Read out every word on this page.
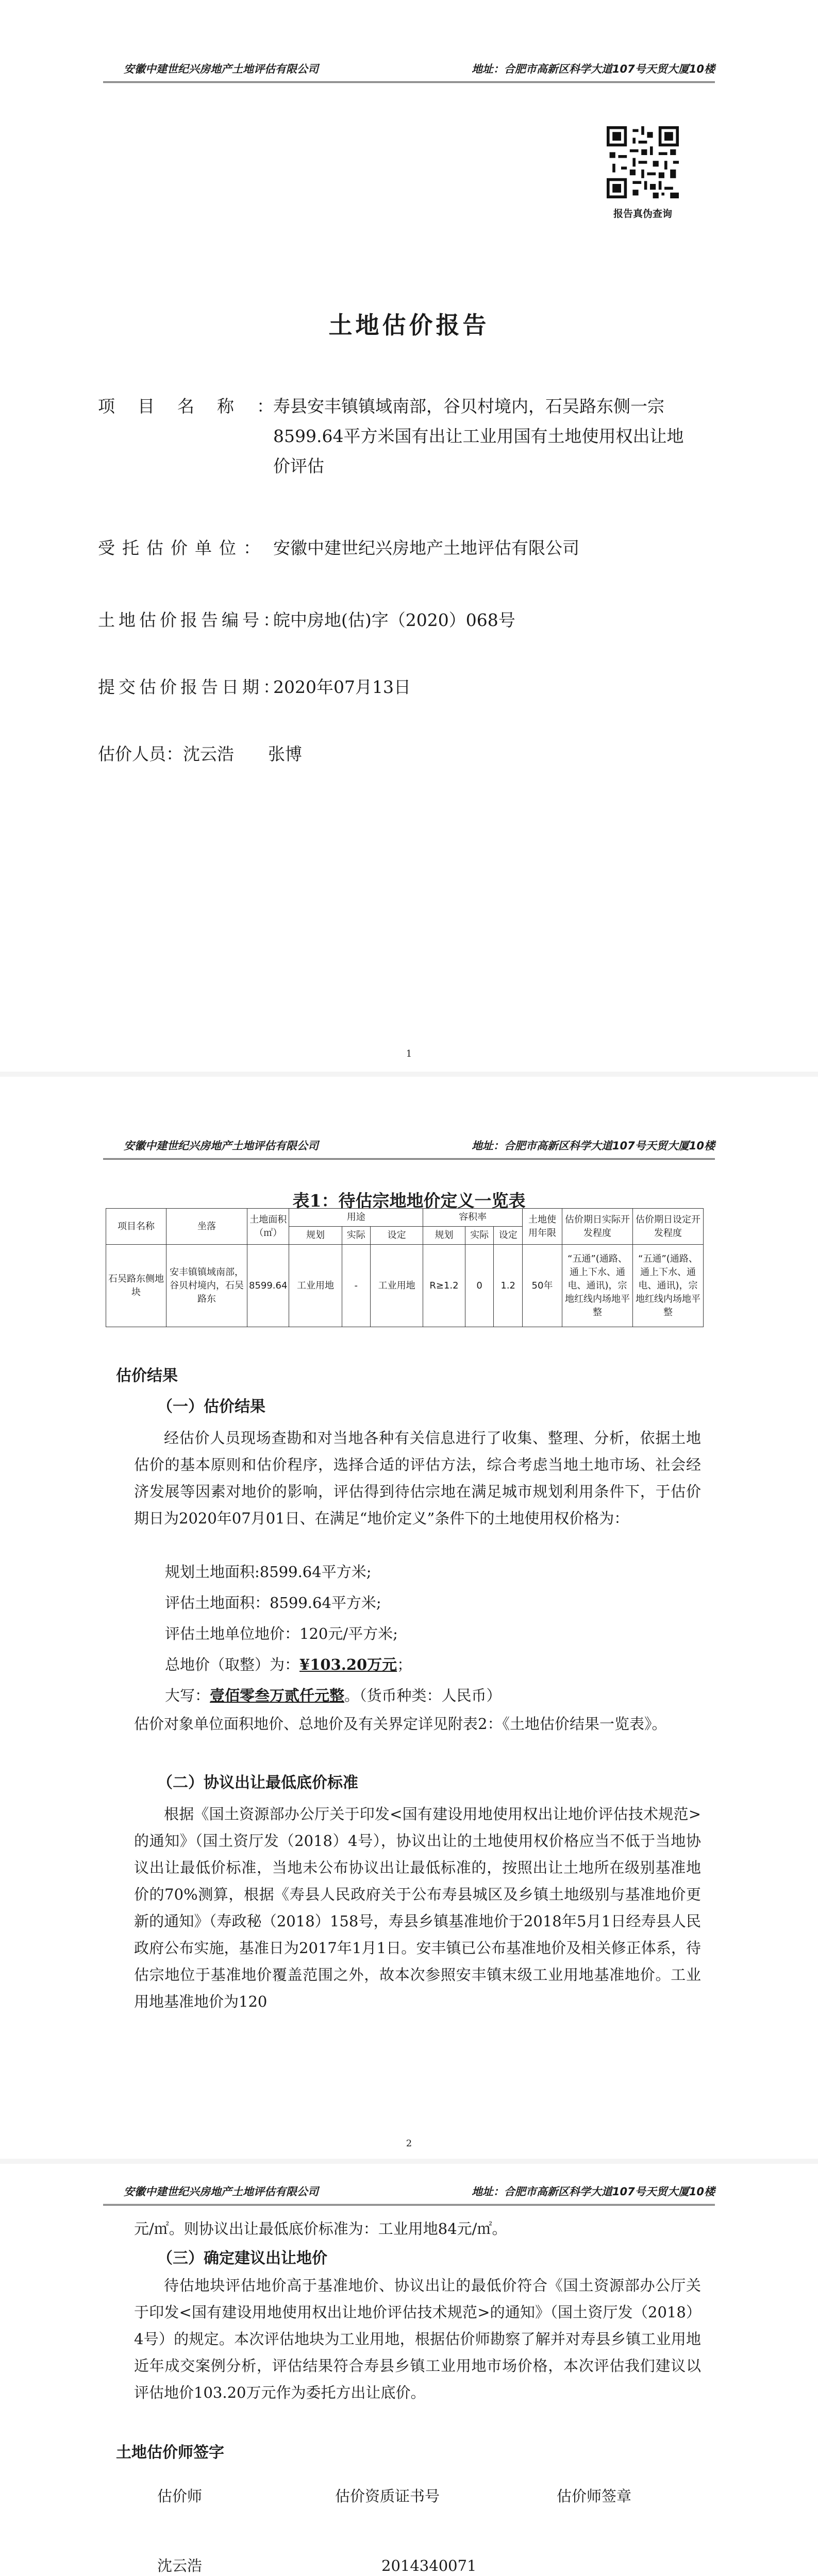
安徽中建世纪兴房地产土地评估有限公司	地址：合肥市高新区科学大道107号天贸大厦10楼
报告真伪查询
土地估价报告
项目名称：
寿县安丰镇镇域南部，谷贝村境内，石吴路东侧一宗8599.64平方米国有出让工业用国有土地使用权出让地价评估
受托估价单位： 安徽中建世纪兴房地产土地评估有限公司
土地估价报告编号：
皖中房地(估)字（2020）068号
提交估价报告日期：
2020年07月13日
估价人员：沈云浩　　张博
1
安徽中建世纪兴房地产土地评估有限公司	地址：合肥市高新区科学大道107号天贸大厦10楼
表1：待估宗地地价定义一览表
项目名称	坐落	土地面积（㎡）	用途			容积率			土地使用年限	估价期日实际开发程度	估价期日设定开发程度
			规划	实际	设定	规划	实际	设定			
石吴路东侧地块	安丰镇镇域南部，谷贝村境内，石吴路东	8599.64	工业用地	-	工业用地	R≥1.2	0	1.2	50年	“五通”(通路、通上下水、通电、通讯)，宗地红线内场地平整	“五通”(通路、通上下水、通电、通讯)，宗地红线内场地平整
估价结果
（一）估价结果
经估价人员现场查勘和对当地各种有关信息进行了收集、整理、分析，依据土地估价的基本原则和估价程序，选择合适的评估方法，综合考虑当地土地市场、社会经济发展等因素对地价的影响，评估得到待估宗地在满足城市规划利用条件下，于估价期日为2020年07月01日、在满足“地价定义”条件下的土地使用权价格为：
规划土地面积:8599.64平方米;
评估土地面积：8599.64平方米;
评估土地单位地价：120元/平方米;
总地价（取整）为：¥103.20万元；
大写：壹佰零叁万贰仟元整。（货币种类：人民币）
估价对象单位面积地价、总地价及有关界定详见附表2：《土地估价结果一览表》。
（二）协议出让最低底价标准
根据《国土资源部办公厅关于印发<国有建设用地使用权出让地价评估技术规范>的通知》（国土资厅发（2018）4号），协议出让的土地使用权价格应当不低于当地协议出让最低价标准，当地未公布协议出让最低标准的，按照出让土地所在级别基准地价的70%测算，根据《寿县人民政府关于公布寿县城区及乡镇土地级别与基准地价更新的通知》（寿政秘（2018）158号，寿县乡镇基准地价于2018年5月1日经寿县人民政府公布实施，基准日为2017年1月1日。安丰镇已公布基准地价及相关修正体系，待估宗地位于基准地价覆盖范围之外，故本次参照安丰镇末级工业用地基准地价。工业用地基准地价为120
2
安徽中建世纪兴房地产土地评估有限公司	地址：合肥市高新区科学大道107号天贸大厦10楼
元/㎡。则协议出让最低底价标准为：工业用地84元/㎡。
（三）确定建议出让地价
待估地块评估地价高于基准地价、协议出让的最低价符合《国土资源部办公厅关于印发<国有建设用地使用权出让地价评估技术规范>的通知》（国土资厅发（2018）4号）的规定。本次评估地块为工业用地，根据估价师勘察了解并对寿县乡镇工业用地近年成交案例分析，评估结果符合寿县乡镇工业用地市场价格，本次评估我们建议以评估地价103.20万元作为委托方出让底价。
土地估价师签字
估价师	估价资质证书号	估价师签章
沈云浩	2014340071
